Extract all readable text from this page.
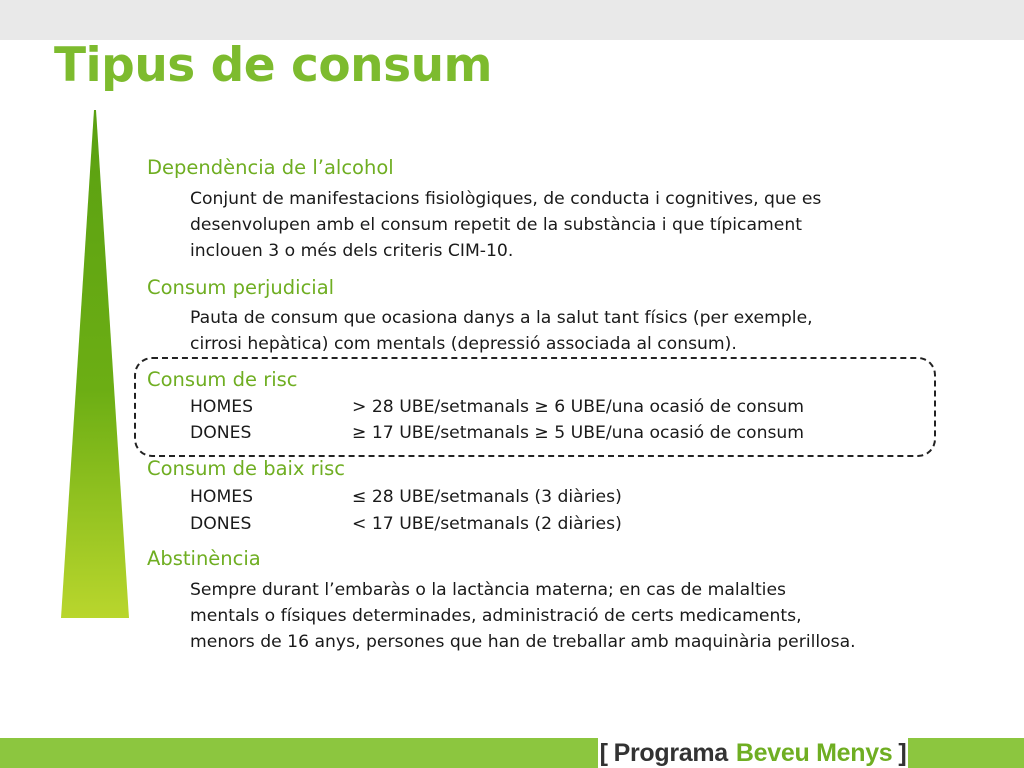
Tipus de consum
Dependència de l’alcohol

Conjunt de manifestacions fisiològiques, de conducta i cognitives, que es

desenvolupen amb el consum repetit de la substància i que típicament

inclouen 3 o més dels criteris CIM-10.

Consum perjudicial

Pauta de consum que ocasiona danys a la salut tant físics (per exemple,

cirrosi hepàtica) com mentals (depressió associada al consum).

Consum de risc
HOMES	> 28 UBE/setmanals ≥ 6 UBE/una ocasió de consum
DONES	≥ 17 UBE/setmanals ≥ 5 UBE/una ocasió de consum
Consum de baix risc
HOMES	≤ 28 UBE/setmanals (3 diàries)
DONES	< 17 UBE/setmanals (2 diàries)
Abstinència

Sempre durant l’embaràs o la lactància materna; en cas de malalties

mentals o físiques determinades, administració de certs medicaments,

menors de 16 anys, persones que han de treballar amb maquinària perillosa.

[ Programa Beveu Menys ]
